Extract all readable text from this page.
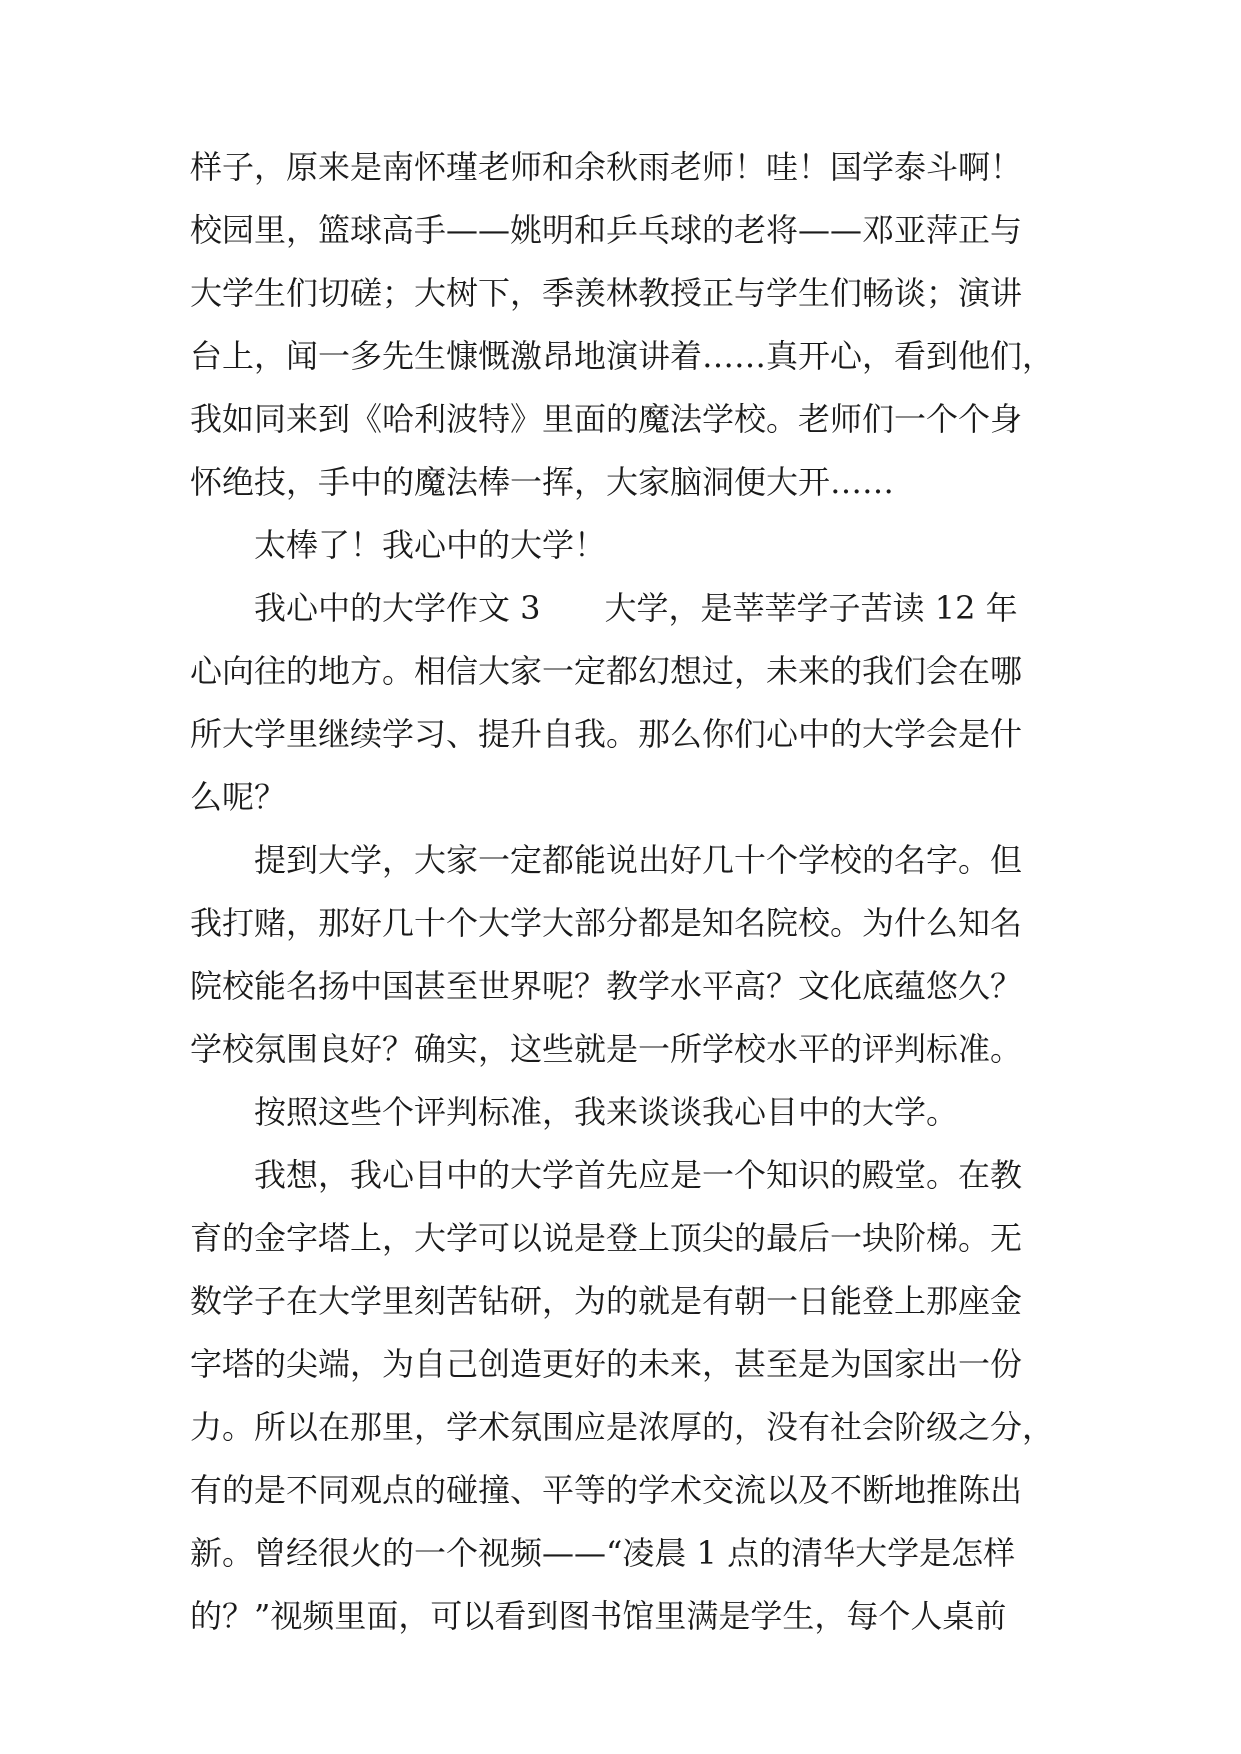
样子，原来是南怀瑾老师和余秋雨老师！哇！国学泰斗啊！
校园里，篮球高手——姚明和乒乓球的老将——邓亚萍正与
大学生们切磋；大树下，季羡林教授正与学生们畅谈；演讲
台上，闻一多先生慷慨激昂地演讲着……真开心，看到他们，
我如同来到《哈利波特》里面的魔法学校。老师们一个个身
怀绝技，手中的魔法棒一挥，大家脑洞便大开……
太棒了！我心中的大学！
我心中的大学作文 3　　大学，是莘莘学子苦读 12 年
心向往的地方。相信大家一定都幻想过，未来的我们会在哪
所大学里继续学习、提升自我。那么你们心中的大学会是什
么呢？
提到大学，大家一定都能说出好几十个学校的名字。但
我打赌，那好几十个大学大部分都是知名院校。为什么知名
院校能名扬中国甚至世界呢？教学水平高？文化底蕴悠久？
学校氛围良好？确实，这些就是一所学校水平的评判标准。
按照这些个评判标准，我来谈谈我心目中的大学。
我想，我心目中的大学首先应是一个知识的殿堂。在教
育的金字塔上，大学可以说是登上顶尖的最后一块阶梯。无
数学子在大学里刻苦钻研，为的就是有朝一日能登上那座金
字塔的尖端，为自己创造更好的未来，甚至是为国家出一份
力。所以在那里，学术氛围应是浓厚的，没有社会阶级之分，
有的是不同观点的碰撞、平等的学术交流以及不断地推陈出
新。曾经很火的一个视频——“凌晨 1 点的清华大学是怎样
的？”视频里面，可以看到图书馆里满是学生，每个人桌前
